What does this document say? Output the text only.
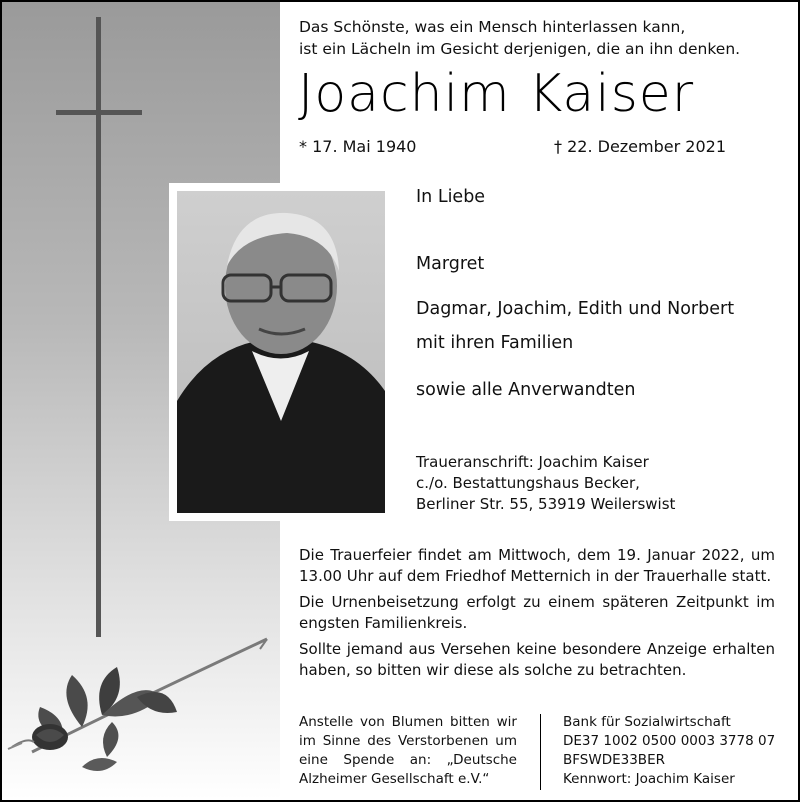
Das Schönste, was ein Mensch hinterlassen kann,
ist ein Lächeln im Gesicht derjenigen, die an ihn denken.
Joachim Kaiser
* 17. Mai 1940	† 22. Dezember 2021
In Liebe
Margret
Dagmar, Joachim, Edith und Norbert
mit ihren Familien
sowie alle Anverwandten
Traueranschrift: Joachim Kaiser
c./o. Bestattungshaus Becker,
Berliner Str. 55, 53919 Weilerswist

Die Trauerfeier findet am Mittwoch, dem 19. Januar 2022, um 13.00 Uhr auf dem Friedhof Metternich in der Trauerhalle statt.

Die Urnenbeisetzung erfolgt zu einem späteren Zeitpunkt im engsten Familienkreis.

Sollte jemand aus Versehen keine besondere Anzeige erhalten haben, so bitten wir diese als solche zu betrachten.

Anstelle von Blumen bitten wir im Sinne des Verstorbenen um eine Spende an: „Deutsche Alzheimer Gesellschaft e.V.“
Bank für Sozialwirtschaft
DE37 1002 0500 0003 3778 07
BFSWDE33BER
Kennwort: Joachim Kaiser
